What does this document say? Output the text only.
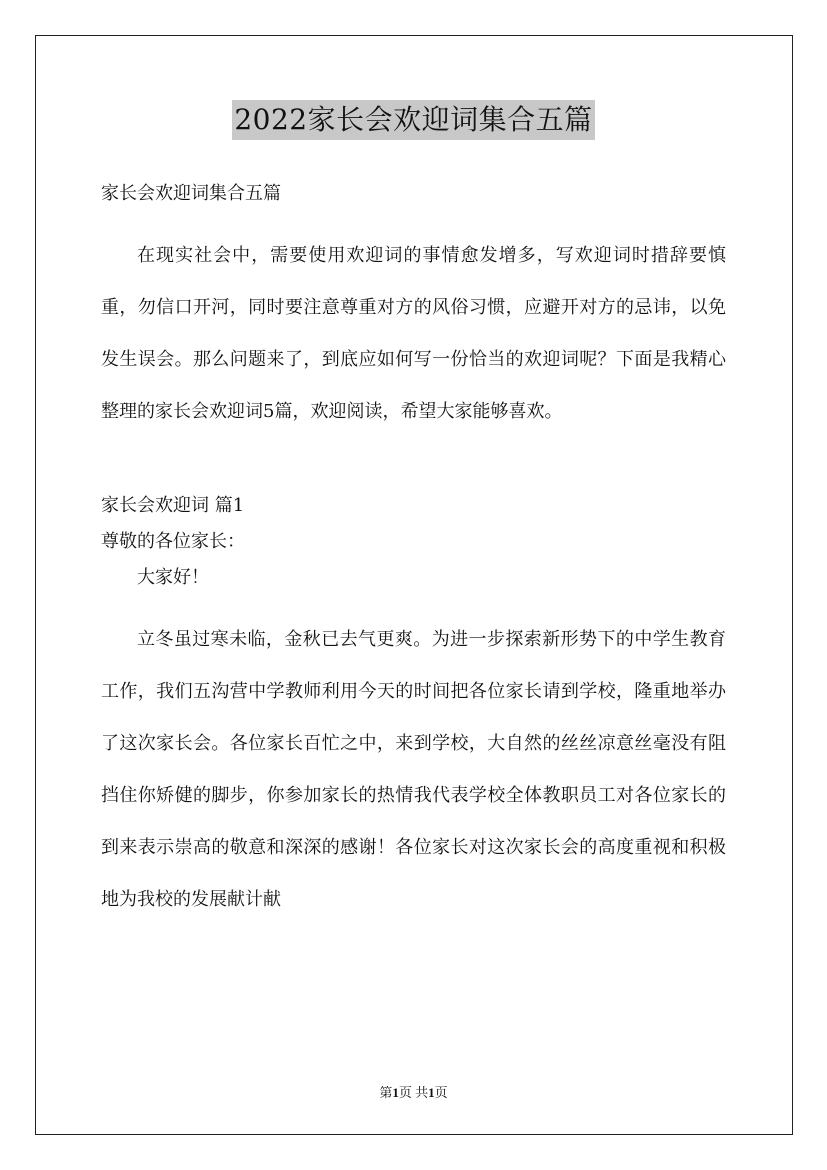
2022家长会欢迎词集合五篇
家长会欢迎词集合五篇

在现实社会中，需要使用欢迎词的事情愈发增多，写欢迎词时措辞要慎重，勿信口开河，同时要注意尊重对方的风俗习惯，应避开对方的忌讳，以免发生误会。那么问题来了，到底应如何写一份恰当的欢迎词呢？下面是我精心整理的家长会欢迎词5篇，欢迎阅读，希望大家能够喜欢。

家长会欢迎词 篇1
尊敬的各位家长：
大家好！

立冬虽过寒未临，金秋已去气更爽。为进一步探索新形势下的中学生教育工作，我们五沟营中学教师利用今天的时间把各位家长请到学校，隆重地举办了这次家长会。各位家长百忙之中，来到学校，大自然的丝丝凉意丝毫没有阻挡住你矫健的脚步，你参加家长的热情我代表学校全体教职员工对各位家长的到来表示崇高的敬意和深深的感谢！各位家长对这次家长会的高度重视和积极地为我校的发展献计献

第1页 共1页
